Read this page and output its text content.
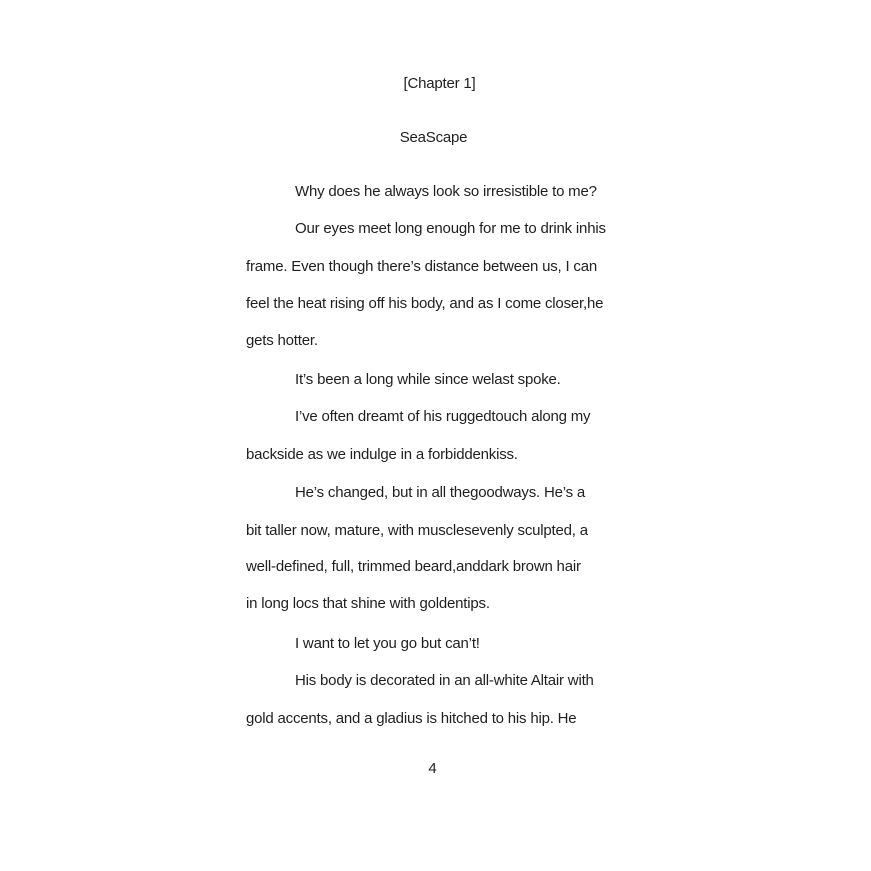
[Chapter 1]
SeaScape
Why does he always look so irresistible to me?
Our eyes meet long enough for me to drink inhis
frame. Even though there’s distance between us, I can
feel the heat rising off his body, and as I come closer,he
gets hotter.
It’s been a long while since welast spoke.
I’ve often dreamt of his ruggedtouch along my
backside as we indulge in a forbiddenkiss.
He’s changed, but in all thegoodways. He’s a
bit taller now, mature, with musclesevenly sculpted, a
well-defined, full, trimmed beard,anddark brown hair
in long locs that shine with goldentips.
I want to let you go but can’t!
His body is decorated in an all-white Altair with
gold accents, and a gladius is hitched to his hip. He
4
